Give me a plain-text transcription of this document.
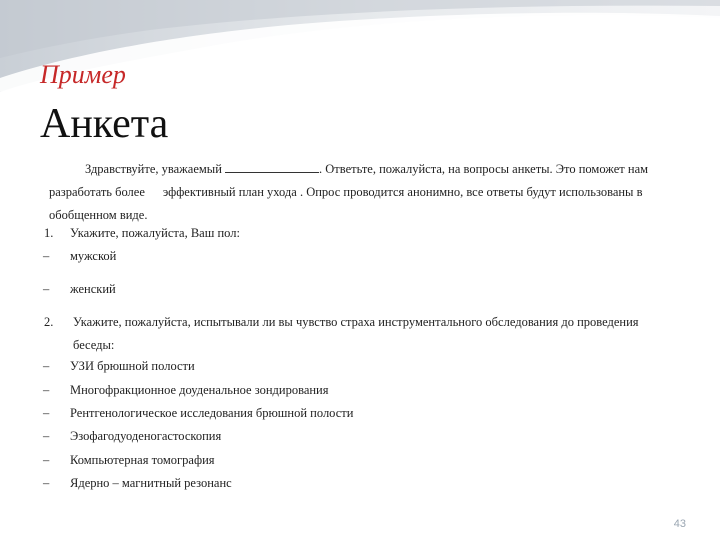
Пример
Анкета

Здравствуйте, уважаемый	. Ответьте, пожалуйста, на вопросы анкеты. Это поможет нам
разработать более эффективный план ухода . Опрос проводится анонимно, все ответы будут использованы в
обобщенном виде.

1. Укажите, пожалуйста, Ваш пол:
– мужской
– женский
2. Укажите, пожалуйста, испытывали ли вы чувство страха инструментального обследования до проведения беседы:
– УЗИ брюшной полости
– Многофракционное доуденальное зондирования
– Рентгенологическое исследования брюшной полости
– Эзофагодуоденогастоскопия
– Компьютерная томография
– Ядерно – магнитный резонанс
43
